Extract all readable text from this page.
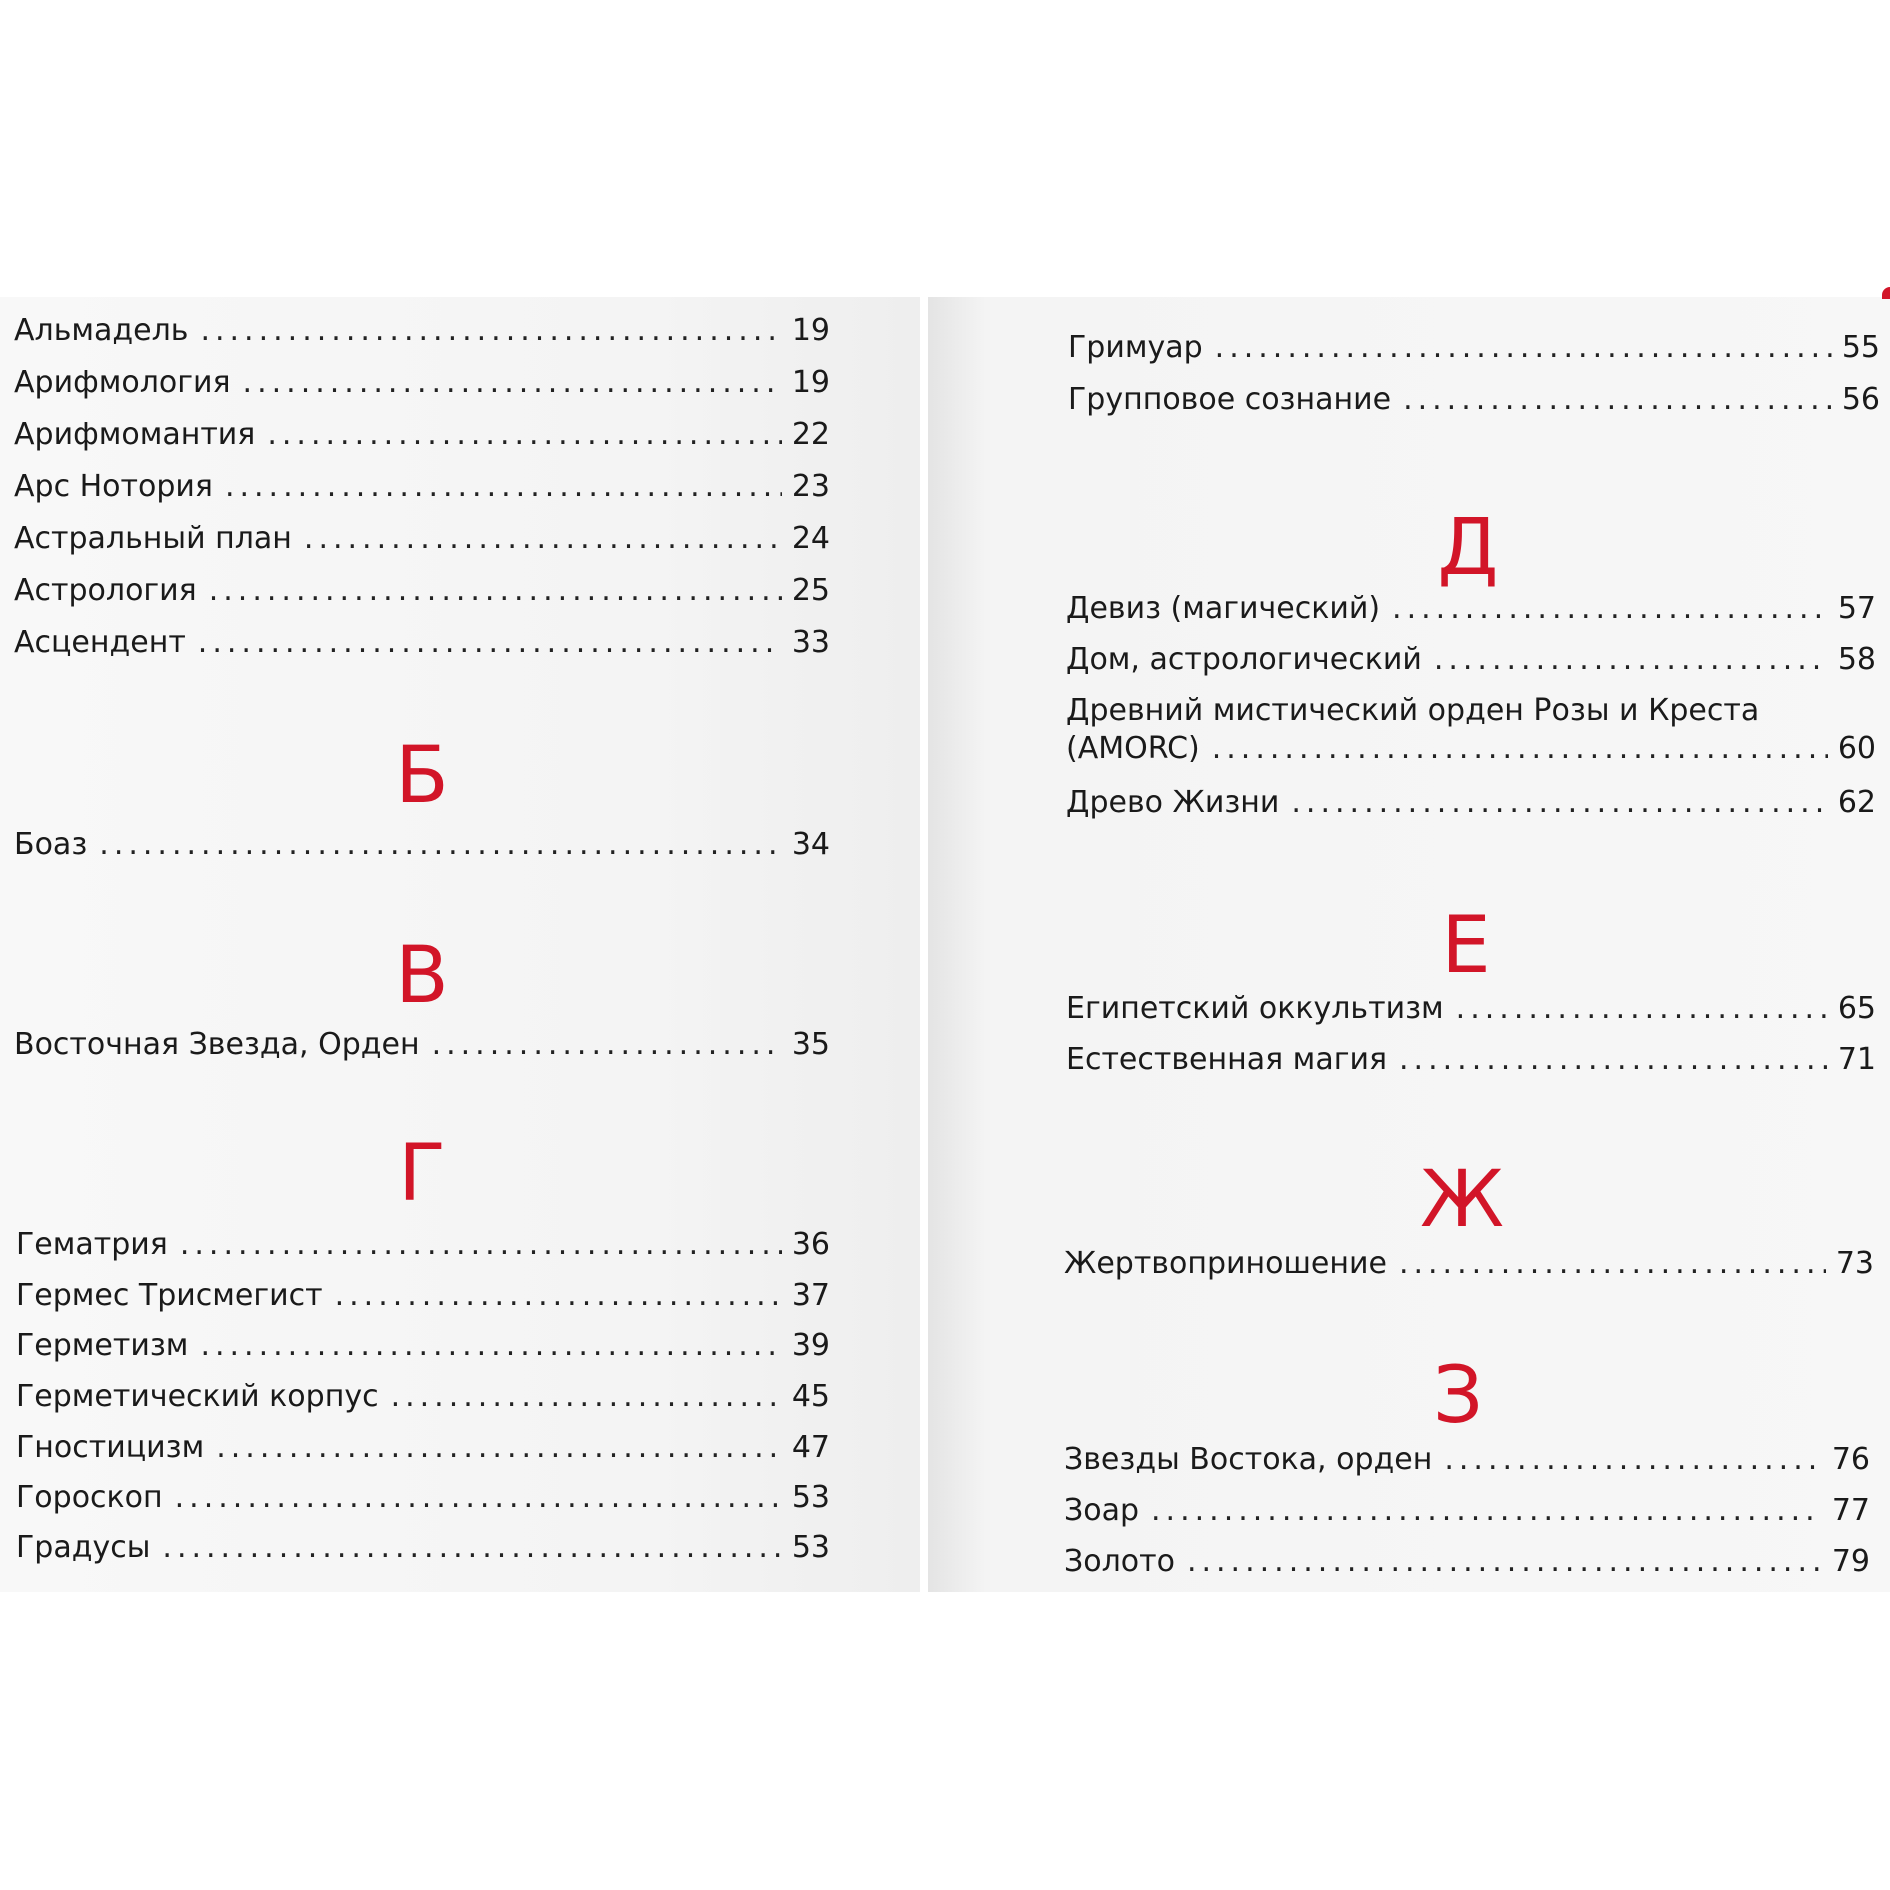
Альмадель .....	19
Арифмология .....	19
Арифмомантия .....	22
Арс Нотория .....	23
Астральный план .....	24
Астрология .....	25
Асцендент .....	33
Б
Боаз .....	34
В
Восточная Звезда, Орден .....	35
Г
Гематрия .....	36
Гермес Трисмегист .....	37
Герметизм .....	39
Герметический корпус .....	45
Гностицизм .....	47
Гороскоп .....	53
Градусы .....	53
Гримуар .....	55
Групповое сознание .....	56
Д
Девиз (магический) .....	57
Дом, астрологический .....	58
Древний мистический орден Розы и Креста
(AMORC) .....	60
Древо Жизни .....	62
Е
Египетский оккультизм .....	65
Естественная магия .....	71
Ж
Жертвоприношение .....	73
З
Звезды Востока, орден .....	76
Зоар .....	77
Золото .....	79
